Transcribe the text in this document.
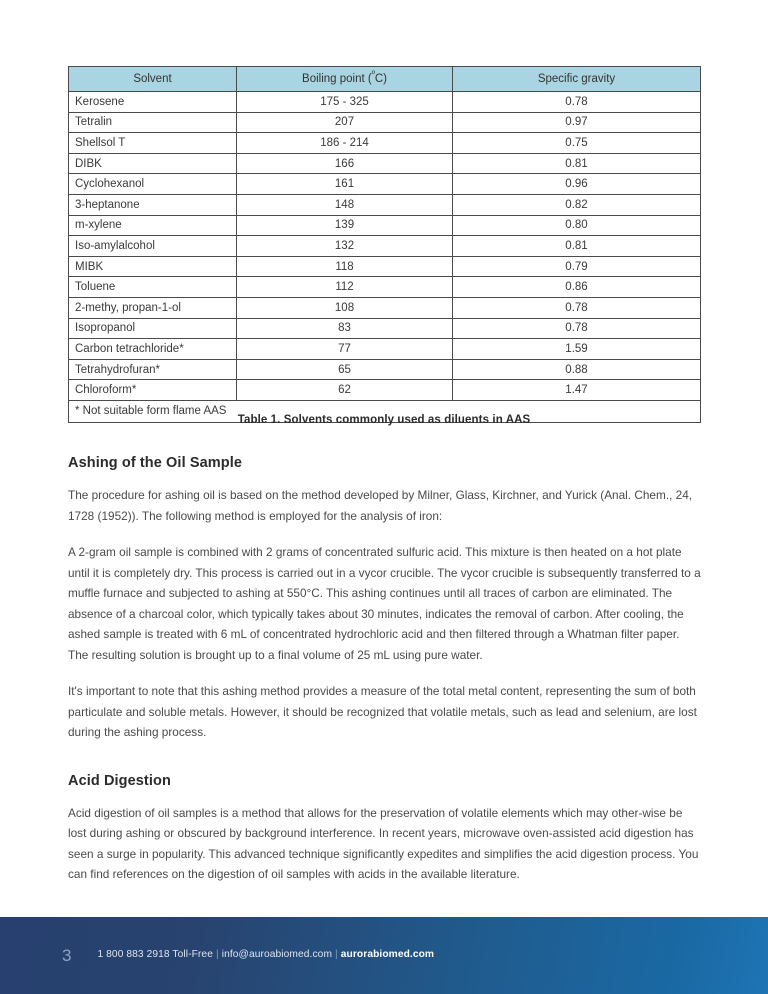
Solvent	Boiling point ($^º$C)	Specific gravity
Kerosene	175 - 325	0.78
Tetralin	207	0.97
Shellsol T	186 - 214	0.75
DIBK	166	0.81
Cyclohexanol	161	0.96
3-heptanone	148	0.82
m-xylene	139	0.80
Iso-amylalcohol	132	0.81
MIBK	118	0.79
Toluene	112	0.86
2-methy, propan-1-ol	108	0.78
Isopropanol	83	0.78
Carbon tetrachloride*	77	1.59
Tetrahydrofuran*	65	0.88
Chloroform*	62	1.47
* Not suitable form flame AAS		
Table 1. Solvents commonly used as diluents in AAS
Ashing of the Oil Sample

The procedure for ashing oil is based on the method developed by Milner, Glass, Kirchner, and Yurick (Anal. Chem., 24, 1728 (1952)). The following method is employed for the analysis of iron:

A 2-gram oil sample is combined with 2 grams of concentrated sulfuric acid. This mixture is then heated on a hot plate until it is completely dry. This process is carried out in a vycor crucible. The vycor crucible is subsequently transferred to a muffle furnace and subjected to ashing at 550°C. This ashing continues until all traces of carbon are eliminated. The absence of a charcoal color, which typically takes about 30 minutes, indicates the removal of carbon. After cooling, the ashed sample is treated with 6 mL of concentrated hydrochloric acid and then filtered through a Whatman filter paper. The resulting solution is brought up to a final volume of 25 mL using pure water.

It's important to note that this ashing method provides a measure of the total metal content, representing the sum of both particulate and soluble metals. However, it should be recognized that volatile metals, such as lead and selenium, are lost during the ashing process.

Acid Digestion

Acid digestion of oil samples is a method that allows for the preservation of volatile elements which may other-wise be lost during ashing or obscured by background interference. In recent years, microwave oven-assisted acid digestion has seen a surge in popularity. This advanced technique significantly expedites and simplifies the acid digestion process. You can find references on the digestion of oil samples with acids in the available literature.

3	1 800 883 2918 Toll-Free | info@auroabiomed.com | aurorabiomed.com
